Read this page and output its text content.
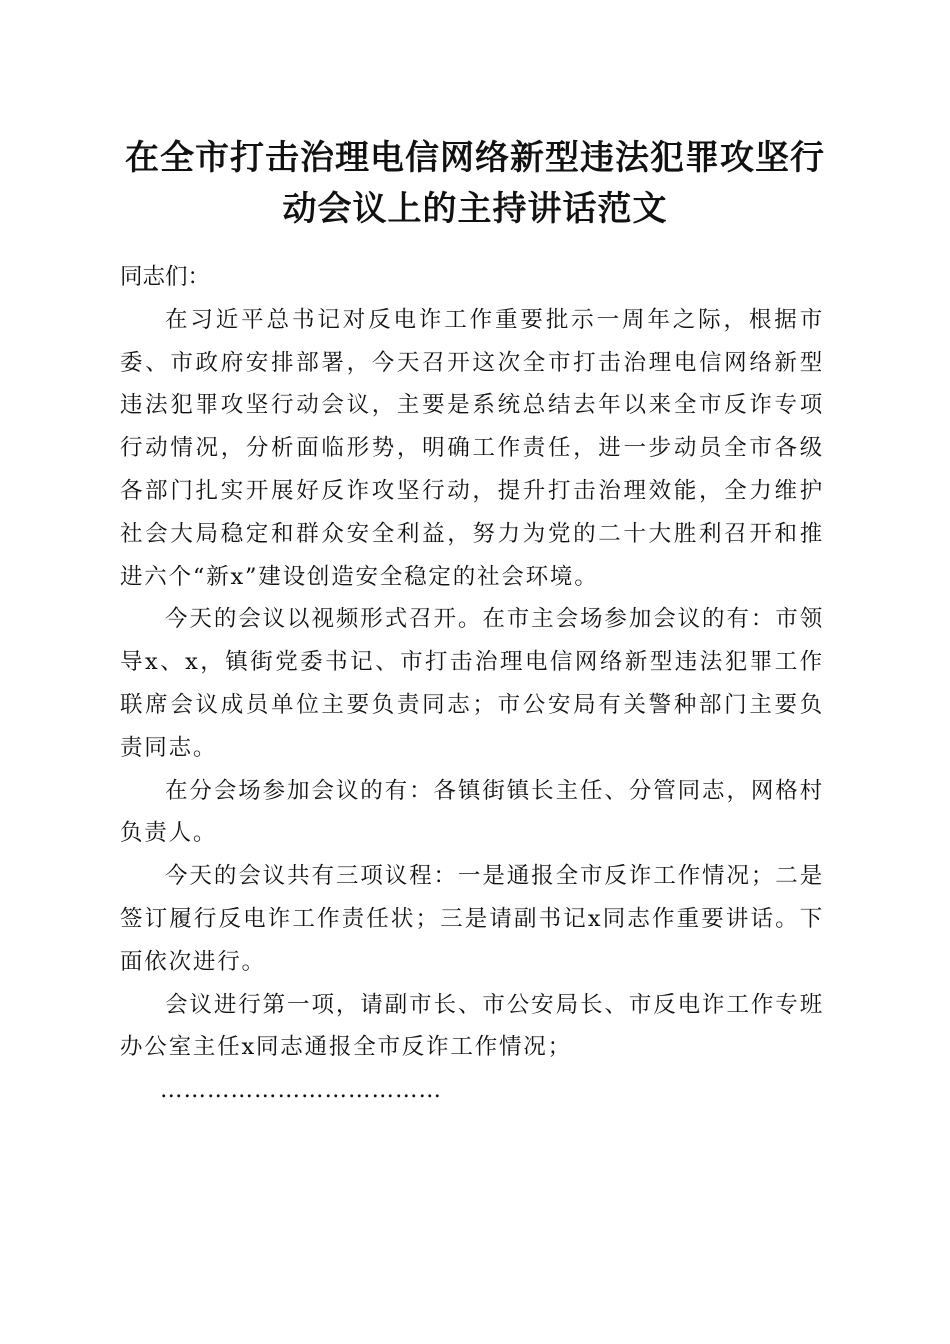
在全市打击治理电信网络新型违法犯罪攻坚行
动会议上的主持讲话范文

同志们：

在习近平总书记对反电诈工作重要批示一周年之际，根据市委、市政府安排部署，今天召开这次全市打击治理电信网络新型违法犯罪攻坚行动会议，主要是系统总结去年以来全市反诈专项行动情况，分析面临形势，明确工作责任，进一步动员全市各级各部门扎实开展好反诈攻坚行动，提升打击治理效能，全力维护社会大局稳定和群众安全利益，努力为党的二十大胜利召开和推进六个“新x”建设创造安全稳定的社会环境。

今天的会议以视频形式召开。在市主会场参加会议的有：市领导x、x，镇街党委书记、市打击治理电信网络新型违法犯罪工作联席会议成员单位主要负责同志；市公安局有关警种部门主要负责同志。

在分会场参加会议的有：各镇街镇长主任、分管同志，网格村负责人。

今天的会议共有三项议程：一是通报全市反诈工作情况；二是签订履行反电诈工作责任状；三是请副书记x同志作重要讲话。下面依次进行。

会议进行第一项，请副市长、市公安局长、市反电诈工作专班办公室主任x同志通报全市反诈工作情况；

………………………………
